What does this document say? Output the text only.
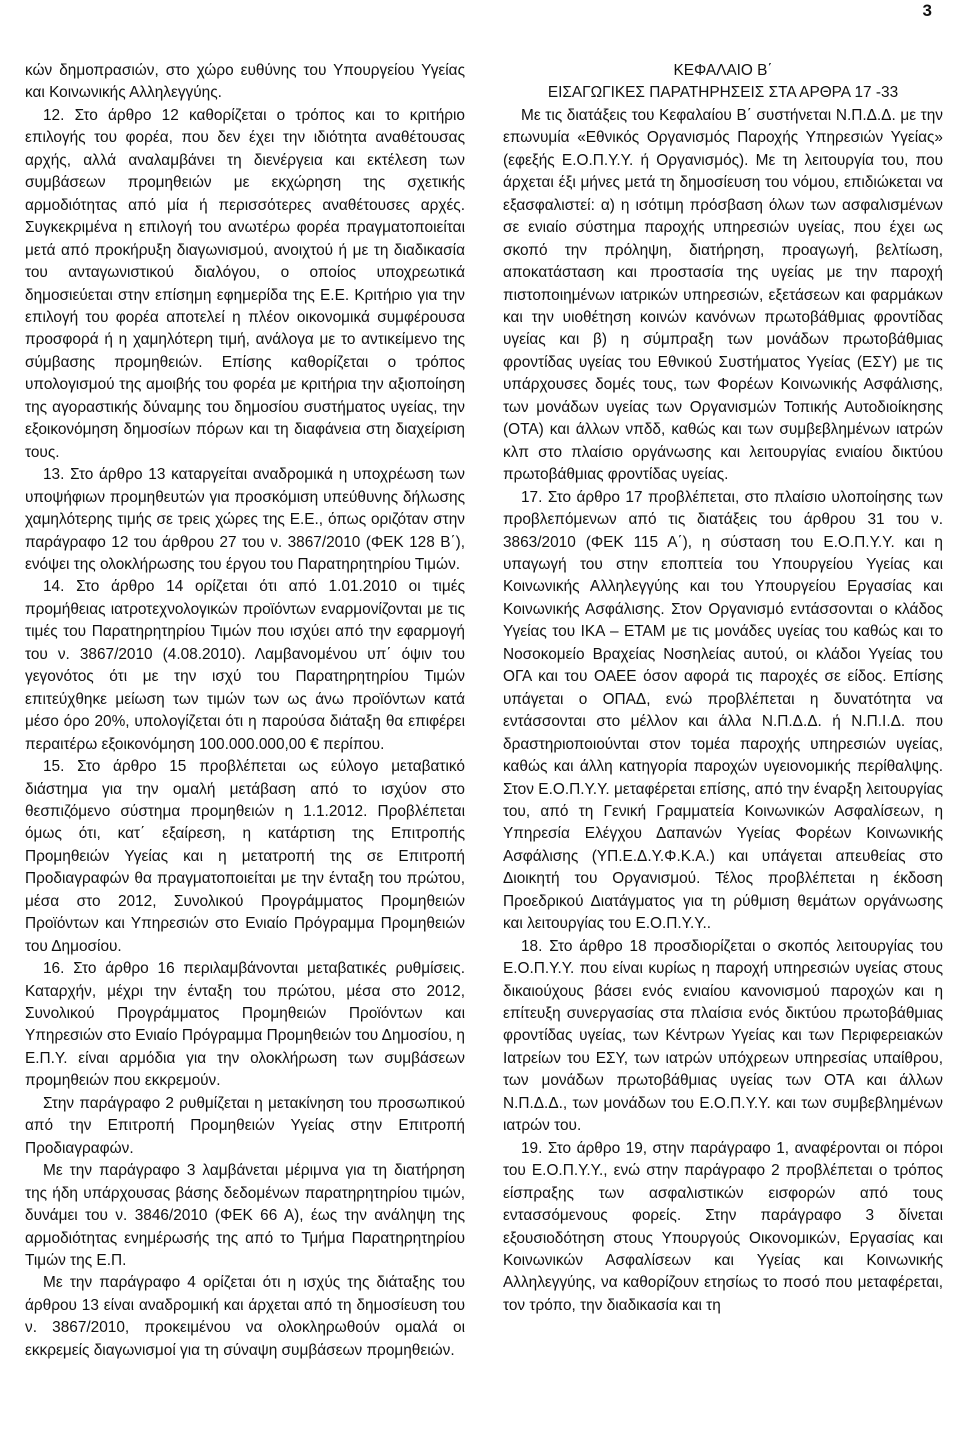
3

κών δημοπρασιών, στο χώρο ευθύνης του Υπουργείου Υγείας και Κοινωνικής Αλληλεγγύης.

12. Στο άρθρο 12 καθορίζεται ο τρόπος και το κριτήριο επιλογής του φορέα, που δεν έχει την ιδιότητα αναθέτουσας αρχής, αλλά αναλαμβάνει τη διενέργεια και εκτέλεση των συμβάσεων προμηθειών με εκχώρηση της σχετικής αρμοδιότητας από μία ή περισσότερες αναθέτουσες αρχές. Συγκεκριμένα η επιλογή του ανωτέρω φορέα πραγματοποιείται μετά από προκήρυξη διαγωνισμού, ανοιχτού ή με τη διαδικασία του ανταγωνιστικού διαλόγου, ο οποίος υποχρεωτικά δημοσιεύεται στην επίσημη εφημερίδα της Ε.Ε. Κριτήριο για την επιλογή του φορέα αποτελεί η πλέον οικονομικά συμφέρουσα προσφορά ή η χαμηλότερη τιμή, ανάλογα με το αντικείμενο της σύμβασης προμηθειών. Επίσης καθορίζεται ο τρόπος υπολογισμού της αμοιβής του φορέα με κριτήρια την αξιοποίηση της αγοραστικής δύναμης του δημοσίου συστήματος υγείας, την εξοικονόμηση δημοσίων πόρων και τη διαφάνεια στη διαχείριση τους.

13. Στο άρθρο 13 καταργείται αναδρομικά η υποχρέωση των υποψήφιων προμηθευτών για προσκόμιση υπεύθυνης δήλωσης χαμηλότερης τιμής σε τρεις χώρες της Ε.Ε., όπως οριζόταν στην παράγραφο 12 του άρθρου 27 του ν. 3867/2010 (ΦΕΚ 128 Β΄), ενόψει της ολοκλήρωσης του έργου του Παρατηρητηρίου Τιμών.

14. Στο άρθρο 14 ορίζεται ότι από 1.01.2010 οι τιμές προμήθειας ιατροτεχνολογικών προϊόντων εναρμονίζονται με τις τιμές του Παρατηρητηρίου Τιμών που ισχύει από την εφαρμογή του ν. 3867/2010 (4.08.2010). Λαμβανομένου υπ΄ όψιν του γεγονότος ότι με την ισχύ του Παρατηρητηρίου Τιμών επιτεύχθηκε μείωση των τιμών των ως άνω προϊόντων κατά μέσο όρο 20%, υπολογίζεται ότι η παρούσα διάταξη θα επιφέρει περαιτέρω εξοικονόμηση 100.000.000,00 € περίπου.

15. Στο άρθρο 15 προβλέπεται ως εύλογο μεταβατικό διάστημα για την ομαλή μετάβαση από το ισχύον στο θεσπιζόμενο σύστημα προμηθειών η 1.1.2012. Προβλέπεται όμως ότι, κατ΄ εξαίρεση, η κατάρτιση της Επιτροπής Προμηθειών Υγείας και η μετατροπή της σε Επιτροπή Προδιαγραφών θα πραγματοποιείται με την ένταξη του πρώτου, μέσα στο 2012, Συνολικού Προγράμματος Προμηθειών Προϊόντων και Υπηρεσιών στο Ενιαίο Πρόγραμμα Προμηθειών του Δημοσίου.

16. Στο άρθρο 16 περιλαμβάνονται μεταβατικές ρυθμίσεις. Καταρχήν, μέχρι την ένταξη του πρώτου, μέσα στο 2012, Συνολικού Προγράμματος Προμηθειών Προϊόντων και Υπηρεσιών στο Ενιαίο Πρόγραμμα Προμηθειών του Δημοσίου, η Ε.Π.Υ. είναι αρμόδια για την ολοκλήρωση των συμβάσεων προμηθειών που εκκρεμούν.

Στην παράγραφο 2 ρυθμίζεται η μετακίνηση του προσωπικού από την Επιτροπή Προμηθειών Υγείας στην Επιτροπή Προδιαγραφών.

Με την παράγραφο 3 λαμβάνεται μέριμνα για τη διατήρηση της ήδη υπάρχουσας βάσης δεδομένων παρατηρητηρίου τιμών, δυνάμει του ν. 3846/2010 (ΦΕΚ 66 Α), έως την ανάληψη της αρμοδιότητας ενημέρωσής της από το Τμήμα Παρατηρητηρίου Τιμών της Ε.Π.

Με την παράγραφο 4 ορίζεται ότι η ισχύς της διάταξης του άρθρου 13 είναι αναδρομική και άρχεται από τη δημοσίευση του ν. 3867/2010, προκειμένου να ολοκληρωθούν ομαλά οι εκκρεμείς διαγωνισμοί για τη σύναψη συμβάσεων προμηθειών.

ΚΕΦΑΛΑΙΟ Β΄
ΕΙΣΑΓΩΓΙΚΕΣ ΠΑΡΑΤΗΡΗΣΕΙΣ ΣΤΑ ΑΡΘΡΑ 17 -33

Με τις διατάξεις του Κεφαλαίου Β΄ συστήνεται Ν.Π.Δ.Δ. με την επωνυμία «Εθνικός Οργανισμός Παροχής Υπηρεσιών Υγείας» (εφεξής Ε.Ο.Π.Υ.Υ. ή Οργανισμός). Με τη λειτουργία του, που άρχεται έξι μήνες μετά τη δημοσίευση του νόμου, επιδιώκεται να εξασφαλιστεί: α) η ισότιμη πρόσβαση όλων των ασφαλισμένων σε ενιαίο σύστημα παροχής υπηρεσιών υγείας, που έχει ως σκοπό την πρόληψη, διατήρηση, προαγωγή, βελτίωση, αποκατάσταση και προστασία της υγείας με την παροχή πιστοποιημένων ιατρικών υπηρεσιών, εξετάσεων και φαρμάκων και την υιοθέτηση κοινών κανόνων πρωτοβάθμιας φροντίδας υγείας και β) η σύμπραξη των μονάδων πρωτοβάθμιας φροντίδας υγείας του Εθνικού Συστήματος Υγείας (ΕΣΥ) με τις υπάρχουσες δομές τους, των Φορέων Κοινωνικής Ασφάλισης, των μονάδων υγείας των Οργανισμών Τοπικής Αυτοδιοίκησης (ΟΤΑ) και άλλων νπδδ, καθώς και των συμβεβλημένων ιατρών κλπ στο πλαίσιο οργάνωσης και λειτουργίας ενιαίου δικτύου πρωτοβάθμιας φροντίδας υγείας.

17. Στο άρθρο 17 προβλέπεται, στο πλαίσιο υλοποίησης των προβλεπόμενων από τις διατάξεις του άρθρου 31 του ν. 3863/2010 (ΦΕΚ 115 Α΄), η σύσταση του Ε.Ο.Π.Υ.Υ. και η υπαγωγή του στην εποπτεία του Υπουργείου Υγείας και Κοινωνικής Αλληλεγγύης και του Υπουργείου Εργασίας και Κοινωνικής Ασφάλισης. Στον Οργανισμό εντάσσονται ο κλάδος Υγείας του ΙΚΑ – ΕΤΑΜ με τις μονάδες υγείας του καθώς και το Νοσοκομείο Βραχείας Νοσηλείας αυτού, οι κλάδοι Υγείας του ΟΓΑ και του ΟΑΕΕ όσον αφορά τις παροχές σε είδος. Επίσης υπάγεται ο ΟΠΑΔ, ενώ προβλέπεται η δυνατότητα να εντάσσονται στο μέλλον και άλλα Ν.Π.Δ.Δ. ή Ν.Π.Ι.Δ. που δραστηριοποιούνται στον τομέα παροχής υπηρεσιών υγείας, καθώς και άλλη κατηγορία παροχών υγειονομικής περίθαλψης. Στον Ε.Ο.Π.Υ.Υ. μεταφέρεται επίσης, από την έναρξη λειτουργίας του, από τη Γενική Γραμματεία Κοινωνικών Ασφαλίσεων, η Υπηρεσία Ελέγχου Δαπανών Υγείας Φορέων Κοινωνικής Ασφάλισης (ΥΠ.Ε.Δ.Υ.Φ.Κ.Α.) και υπάγεται απευθείας στο Διοικητή του Οργανισμού. Τέλος προβλέπεται η έκδοση Προεδρικού Διατάγματος για τη ρύθμιση θεμάτων οργάνωσης και λειτουργίας του Ε.Ο.Π.Υ.Υ..

18. Στο άρθρο 18 προσδιορίζεται ο σκοπός λειτουργίας του Ε.Ο.Π.Υ.Υ. που είναι κυρίως η παροχή υπηρεσιών υγείας στους δικαιούχους βάσει ενός ενιαίου κανονισμού παροχών και η επίτευξη συνεργασίας στα πλαίσια ενός δικτύου πρωτοβάθμιας φροντίδας υγείας, των Κέντρων Υγείας και των Περιφερειακών Ιατρείων του ΕΣΥ, των ιατρών υπόχρεων υπηρεσίας υπαίθρου, των μονάδων πρωτοβάθμιας υγείας των ΟΤΑ και άλλων Ν.Π.Δ.Δ., των μονάδων του Ε.Ο.Π.Υ.Υ. και των συμβεβλημένων ιατρών του.

19. Στο άρθρο 19, στην παράγραφο 1, αναφέρονται οι πόροι του Ε.Ο.Π.Υ.Υ., ενώ στην παράγραφο 2 προβλέπεται ο τρόπος είσπραξης των ασφαλιστικών εισφορών από τους εντασσόμενους φορείς. Στην παράγραφο 3 δίνεται εξουσιοδότηση στους Υπουργούς Οικονομικών, Εργασίας και Κοινωνικών Ασφαλίσεων και Υγείας και Κοινωνικής Αλληλεγγύης, να καθορίζουν ετησίως το ποσό που μεταφέρεται, τον τρόπο, την διαδικασία και τη
